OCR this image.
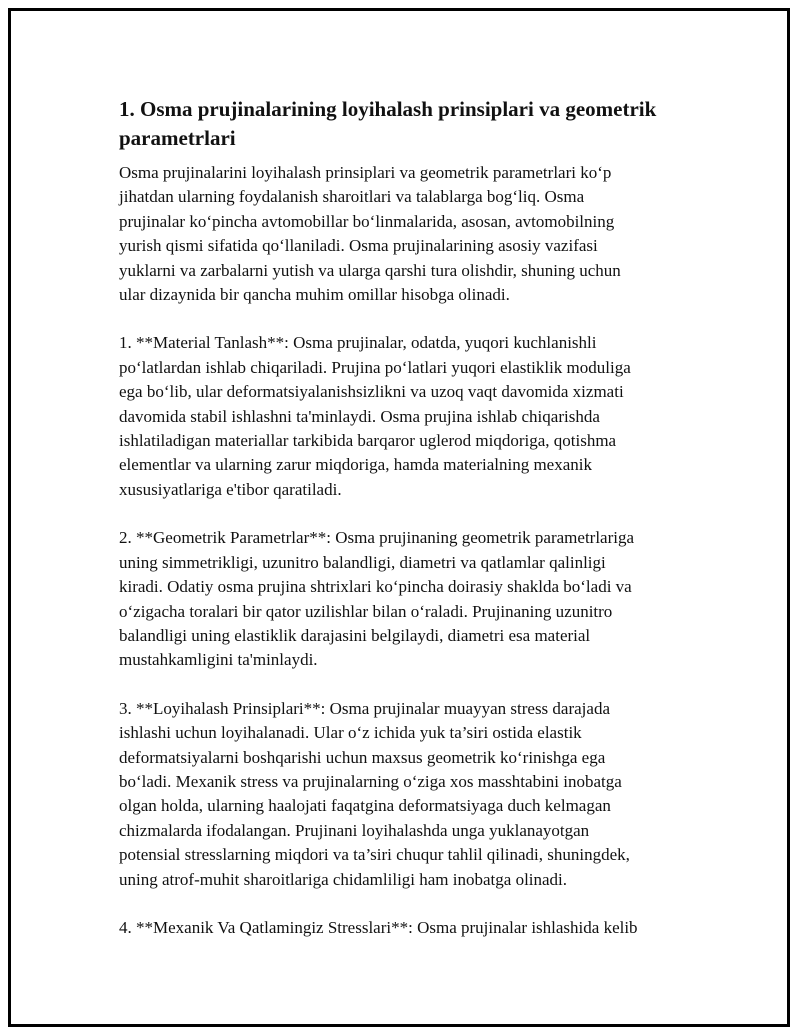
1. Osma prujinalarining loyihalash prinsiplari va geometrik parametrlari

Osma prujinalarini loyihalash prinsiplari va geometrik parametrlari ko‘p
jihatdan ularning foydalanish sharoitlari va talablarga bog‘liq. Osma
prujinalar ko‘pincha avtomobillar bo‘linmalarida, asosan, avtomobilning
yurish qismi sifatida qo‘llaniladi. Osma prujinalarining asosiy vazifasi
yuklarni va zarbalarni yutish va ularga qarshi tura olishdir, shuning uchun
ular dizaynida bir qancha muhim omillar hisobga olinadi.

1. **Material Tanlash**: Osma prujinalar, odatda, yuqori kuchlanishli
po‘latlardan ishlab chiqariladi. Prujina po‘latlari yuqori elastiklik moduliga
ega bo‘lib, ular deformatsiyalanishsizlikni va uzoq vaqt davomida xizmati
davomida stabil ishlashni ta'minlaydi. Osma prujina ishlab chiqarishda
ishlatiladigan materiallar tarkibida barqaror uglerod miqdoriga, qotishma
elementlar va ularning zarur miqdoriga, hamda materialning mexanik
xususiyatlariga e'tibor qaratiladi.

2. **Geometrik Parametrlar**: Osma prujinaning geometrik parametrlariga
uning simmetrikligi, uzunitro balandligi, diametri va qatlamlar qalinligi
kiradi. Odatiy osma prujina shtrixlari ko‘pincha doirasiy shaklda bo‘ladi va
o‘zigacha toralari bir qator uzilishlar bilan o‘raladi. Prujinaning uzunitro
balandligi uning elastiklik darajasini belgilaydi, diametri esa material
mustahkamligini ta'minlaydi.

3. **Loyihalash Prinsiplari**: Osma prujinalar muayyan stress darajada
ishlashi uchun loyihalanadi. Ular o‘z ichida yuk ta’siri ostida elastik
deformatsiyalarni boshqarishi uchun maxsus geometrik ko‘rinishga ega
bo‘ladi. Mexanik stress va prujinalarning o‘ziga xos masshtabini inobatga
olgan holda, ularning haalojati faqatgina deformatsiyaga duch kelmagan
chizmalarda ifodalangan. Prujinani loyihalashda unga yuklanayotgan
potensial stresslarning miqdori va ta’siri chuqur tahlil qilinadi, shuningdek,
uning atrof-muhit sharoitlariga chidamliligi ham inobatga olinadi.

4. **Mexanik Va Qatlamingiz Stresslari**: Osma prujinalar ishlashida kelib
